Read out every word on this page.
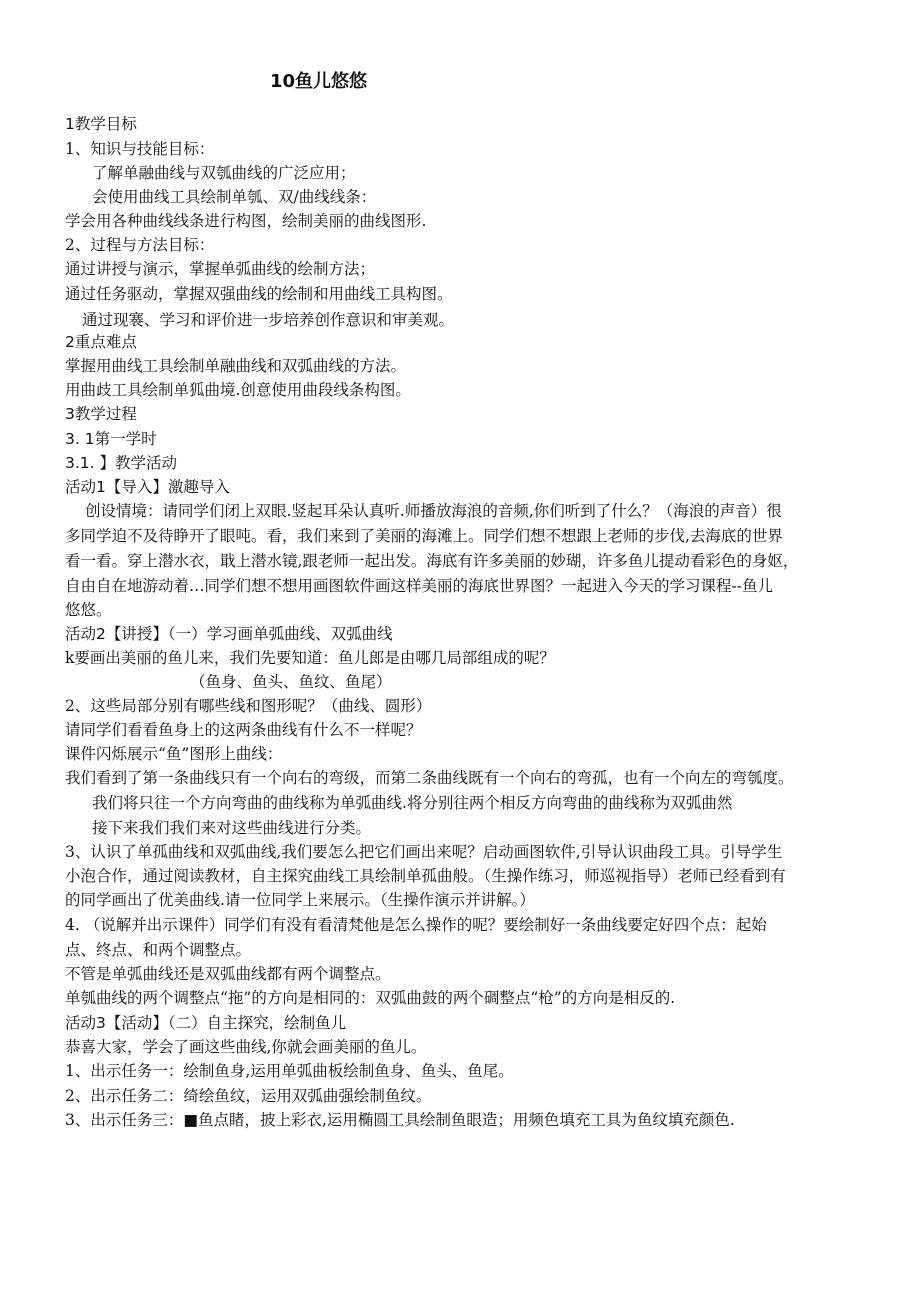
10鱼儿悠悠
1教学目标
1、知识与技能目标：
了解单融曲线与双瓠曲线的广泛应用；
会使用曲线工具绘制单瓠、双/曲线线条：
学会用各种曲线线条进行构图，绘制美丽的曲线图形.
2、过程与方法目标：
通过讲授与演示，掌握单弧曲线的绘制方法；
通过任务驱动，掌握双强曲线的绘制和用曲线工具构图。
通过现褰、学习和评价进一步培养创作意识和审美观。
2重点难点
掌握用曲线工具绘制单融曲线和双弧曲线的方法。
用曲歧工具绘制单狐曲境.创意使用曲段线条构图。
3教学过程
3. 1第一学时
3.1. 】教学活动
活动1【导入】激趣导入
创设情境：请同学们闭上双眼.竖起耳朵认真听.师播放海浪的音频,你们听到了什么？（海浪的声音）很
多同学迫不及待睁开了眼吨。看，我们来到了美丽的海滩上。同学们想不想跟上老师的步伐,去海底的世界
看一看。穿上潜水衣，戢上潜水镜,跟老师一起出发。海底有许多美丽的妙瑚，许多鱼儿提动看彩色的身妪，
自由自在地游动着…同学们想不想用画图软件画这样美丽的海底世界图？一起进入今天的学习课程--鱼儿
悠悠。
活动2【讲授】（一）学习画单弧曲线、双弧曲线
k要画出美丽的鱼儿来，我们先要知道：鱼儿郎是由哪几局部组成的呢？
（鱼身、鱼头、鱼纹、鱼尾）
2、这些局部分别有哪些线和图形呢？（曲线、圆形）
请同学们看看鱼身上的这两条曲线有什么不一样呢？
课件闪烁展示“鱼”图形上曲线：
我们看到了第一条曲线只有一个向右的弯级，而第二条曲线既有一个向右的弯孤，也有一个向左的弯瓠度。
我们将只往一个方向弯曲的曲线称为单弧曲线.将分别往两个相反方向弯曲的曲线称为双弧曲然
接下来我们我们来对这些曲线进行分类。
3、认识了单孤曲线和双弧曲线,我们要怎么把它们画出来呢？启动画图软件,引导认识曲段工具。引导学生
小泡合作，通过阅读教材，自主探究曲线工具绘制单孤曲般。（生操作练习，师巡视指导）老师已经看到有
的同学画出了优美曲线.请一位同学上来展示。（生操作演示并讲解。）
4. （说解并出示课件）同学们有没有看清梵他是怎么操作的呢？要绘制好一条曲线要定好四个点：起始
点、终点、和两个调整点。
不管是单弧曲线还是双弧曲线都有两个调整点。
单瓠曲线的两个调整点“拖”的方向是相同的：双弧曲鼓的两个碉整点“枪”的方向是相反的.
活动3【活动】（二）自主探究，绘制鱼儿
恭喜大家，学会了画这些曲线,你就会画美丽的鱼儿。
1、出示任务一：绘制鱼身,运用单弧曲板绘制鱼身、鱼头、鱼尾。
2、出示任务二：绮绘鱼纹，运用双弧曲强绘制鱼纹。
3、出示任务三：■鱼点睹，披上彩衣,运用椭圆工具绘制鱼眼造；用频色填充工具为鱼纹填充颜色.
